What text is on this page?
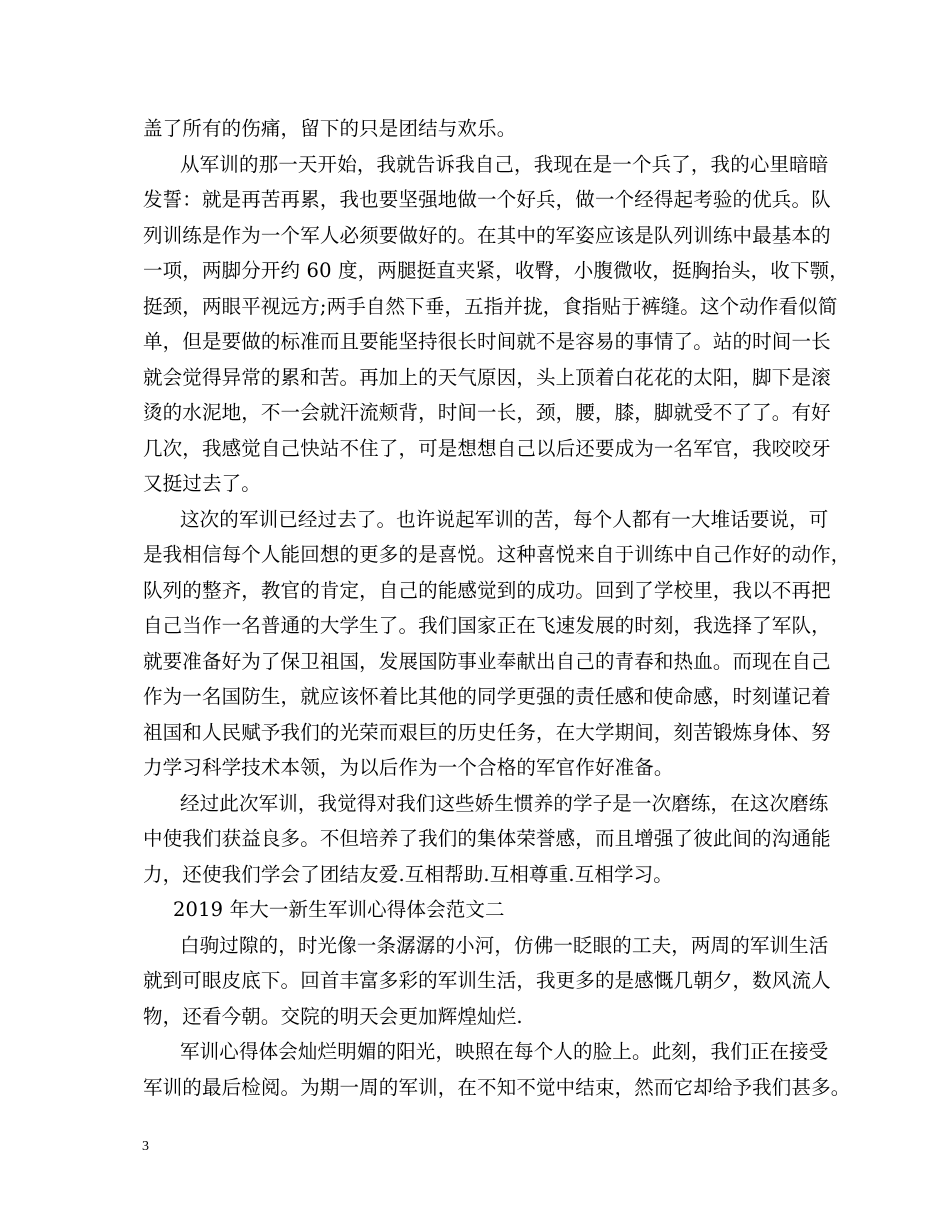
盖了所有的伤痛，留下的只是团结与欢乐。
从军训的那一天开始，我就告诉我自己，我现在是一个兵了，我的心里暗暗
发誓：就是再苦再累，我也要坚强地做一个好兵，做一个经得起考验的优兵。队
列训练是作为一个军人必须要做好的。在其中的军姿应该是队列训练中最基本的
一项，两脚分开约 60 度，两腿挺直夹紧，收臀，小腹微收，挺胸抬头，收下颚，
挺颈，两眼平视远方;两手自然下垂，五指并拢，食指贴于裤缝。这个动作看似简
单，但是要做的标准而且要能坚持很长时间就不是容易的事情了。站的时间一长
就会觉得异常的累和苦。再加上的天气原因，头上顶着白花花的太阳，脚下是滚
烫的水泥地，不一会就汗流颊背，时间一长，颈，腰，膝，脚就受不了了。有好
几次，我感觉自己快站不住了，可是想想自己以后还要成为一名军官，我咬咬牙
又挺过去了。
这次的军训已经过去了。也许说起军训的苦，每个人都有一大堆话要说，可
是我相信每个人能回想的更多的是喜悦。这种喜悦来自于训练中自己作好的动作，
队列的整齐，教官的肯定，自己的能感觉到的成功。回到了学校里，我以不再把
自己当作一名普通的大学生了。我们国家正在飞速发展的时刻，我选择了军队，
就要准备好为了保卫祖国，发展国防事业奉献出自己的青春和热血。而现在自己
作为一名国防生，就应该怀着比其他的同学更强的责任感和使命感，时刻谨记着
祖国和人民赋予我们的光荣而艰巨的历史任务，在大学期间，刻苦锻炼身体、努
力学习科学技术本领，为以后作为一个合格的军官作好准备。
经过此次军训，我觉得对我们这些娇生惯养的学子是一次磨练，在这次磨练
中使我们获益良多。不但培养了我们的集体荣誉感，而且增强了彼此间的沟通能
力，还使我们学会了团结友爱.互相帮助.互相尊重.互相学习。
2019 年大一新生军训心得体会范文二
白驹过隙的，时光像一条潺潺的小河，仿佛一眨眼的工夫，两周的军训生活
就到可眼皮底下。回首丰富多彩的军训生活，我更多的是感慨几朝夕，数风流人
物，还看今朝。交院的明天会更加辉煌灿烂.
军训心得体会灿烂明媚的阳光，映照在每个人的脸上。此刻，我们正在接受
军训的最后检阅。为期一周的军训，在不知不觉中结束，然而它却给予我们甚多。
3
